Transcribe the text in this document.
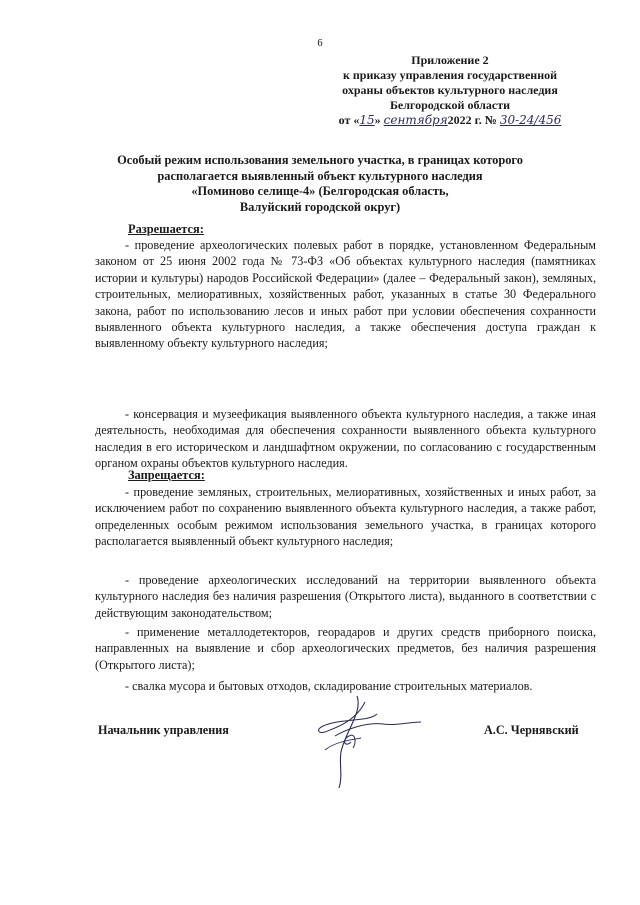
6
Приложение 2
к приказу управления государственной
охраны объектов культурного наследия
Белгородской области
от «15» сентября2022 г. № 30-24/456
Особый режим использования земельного участка, в границах которого
располагается выявленный объект культурного наследия
«Поминово селище-4» (Белгородская область,
Валуйский городской округ)
Разрешается:
- проведение археологических полевых работ в порядке, установленном Федеральным законом от 25 июня 2002 года № 73-ФЗ «Об объектах культурного наследия (памятниках истории и культуры) народов Российской Федерации» (далее – Федеральный закон), земляных, строительных, мелиоративных, хозяйственных работ, указанных в статье 30 Федерального закона, работ по использованию лесов и иных работ при условии обеспечения сохранности выявленного объекта культурного наследия, а также обеспечения доступа граждан к выявленному объекту культурного наследия;
- консервация и музеефикация выявленного объекта культурного наследия, а также иная деятельность, необходимая для обеспечения сохранности выявленного объекта культурного наследия в его историческом и ландшафтном окружении, по согласованию с государственным органом охраны объектов культурного наследия.
Запрещается:
- проведение земляных, строительных, мелиоративных, хозяйственных и иных работ, за исключением работ по сохранению выявленного объекта культурного наследия, а также работ, определенных особым режимом использования земельного участка, в границах которого располагается выявленный объект культурного наследия;
- проведение археологических исследований на территории выявленного объекта культурного наследия без наличия разрешения (Открытого листа), выданного в соответствии с действующим законодательством;
- применение металлодетекторов, георадаров и других средств приборного поиска, направленных на выявление и сбор археологических предметов, без наличия разрешения (Открытого листа);
- свалка мусора и бытовых отходов, складирование строительных материалов.
Начальник управления	А.С. Чернявский
